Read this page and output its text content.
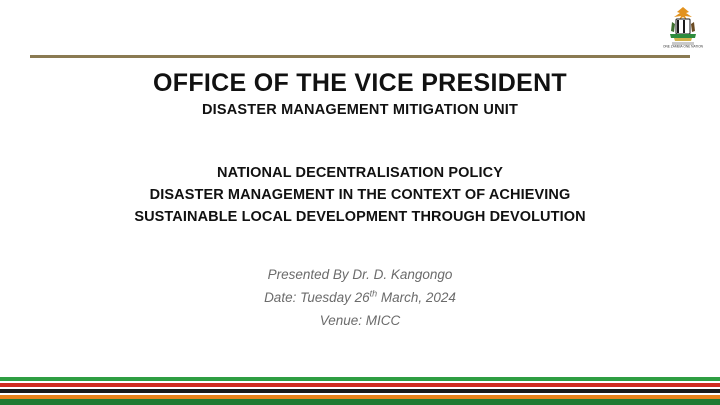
ONE ZAMBIA ONE NATION
OFFICE OF THE VICE PRESIDENT
DISASTER MANAGEMENT MITIGATION UNIT
NATIONAL DECENTRALISATION POLICY
DISASTER MANAGEMENT IN THE CONTEXT OF ACHIEVING
SUSTAINABLE LOCAL DEVELOPMENT THROUGH DEVOLUTION
Presented By Dr. D. Kangongo
Date: Tuesday 26th March, 2024
Venue: MICC
